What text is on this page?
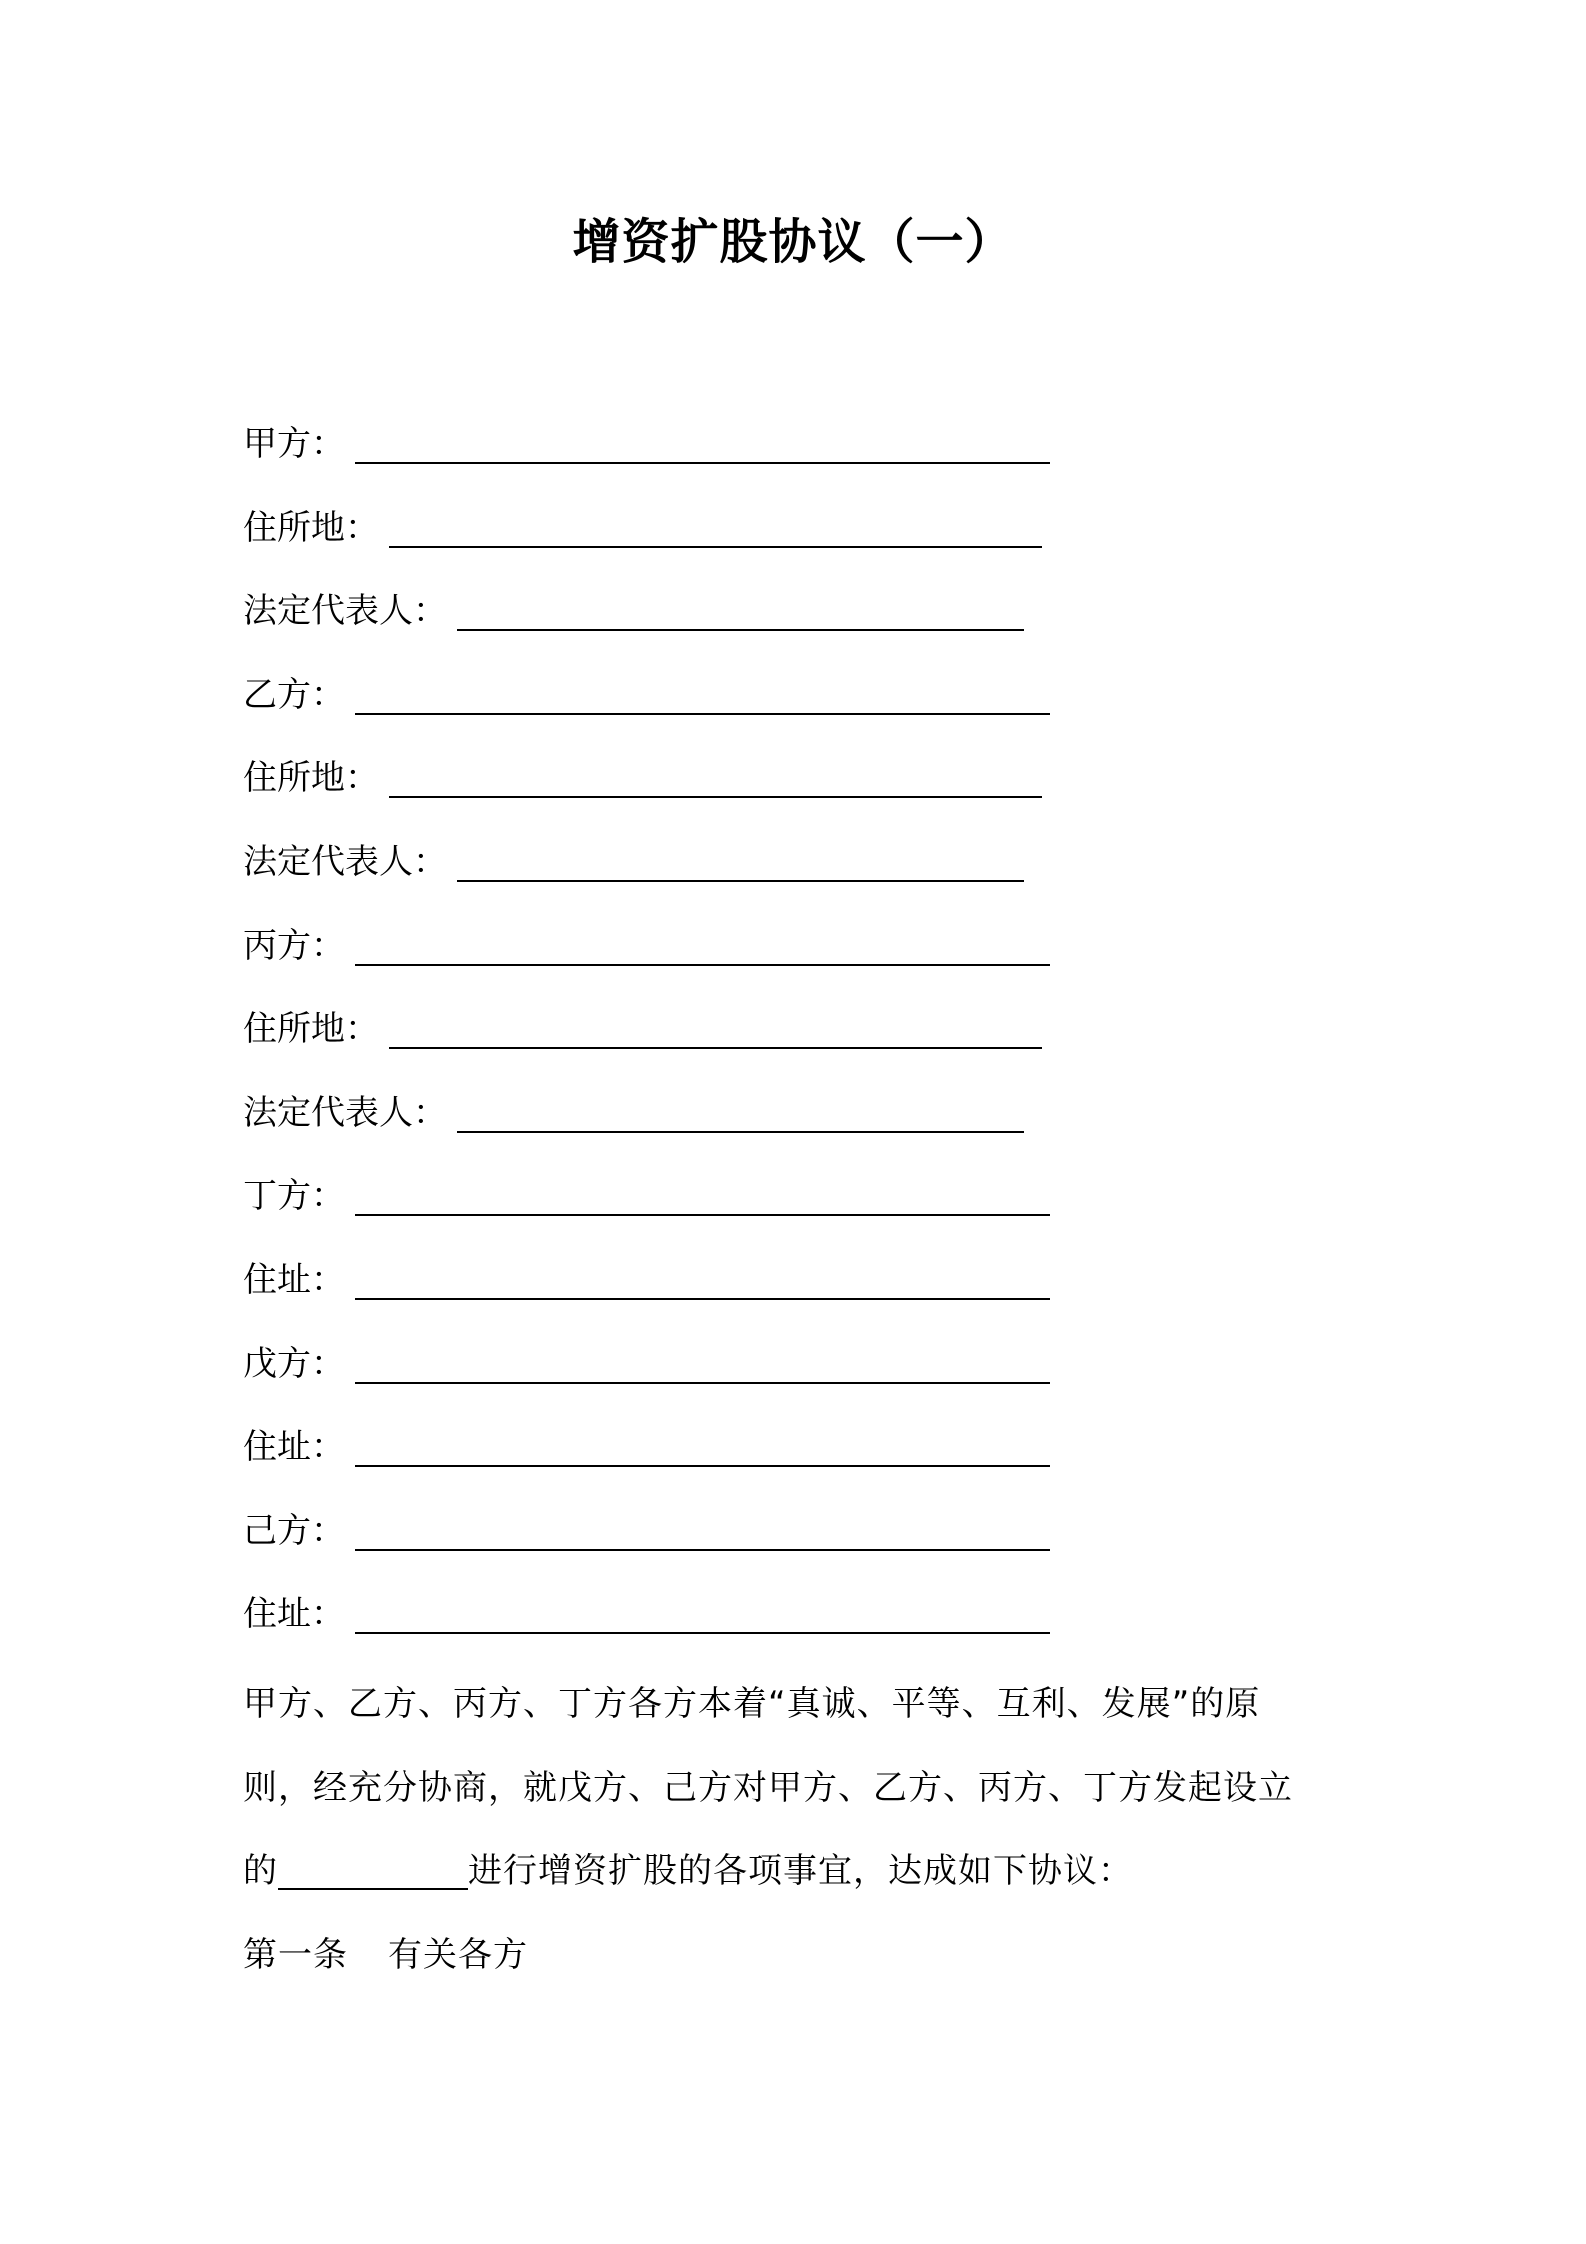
增资扩股协议（一）
甲方：
住所地：
法定代表人：
乙方：
住所地：
法定代表人：
丙方：
住所地：
法定代表人：
丁方：
住址：
戊方：
住址：
己方：
住址：

甲方、乙方、丙方、丁方各方本着“真诚、平等、互利、发展”的原

则，经充分协商，就戊方、己方对甲方、乙方、丙方、丁方发起设立

的	进行增资扩股的各项事宜，达成如下协议：

第一条 有关各方
